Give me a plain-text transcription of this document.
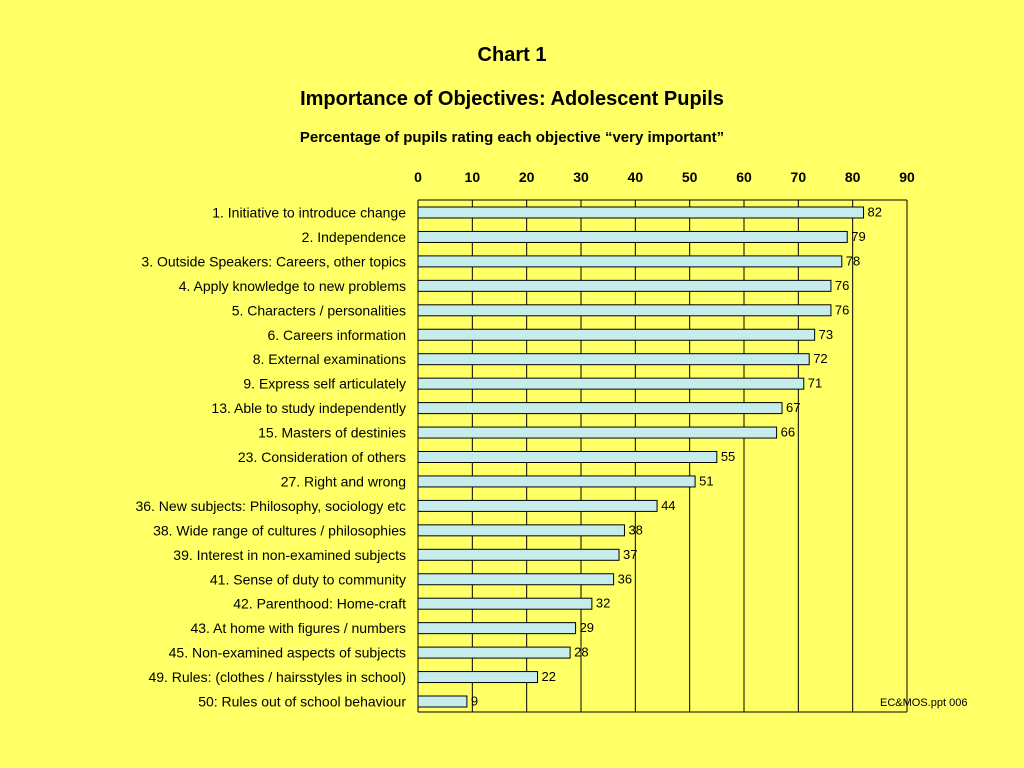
Chart 1
Importance of Objectives: Adolescent Pupils
Percentage of pupils rating each objective “very important”
0	10	20	30	40	50	60	70	80	90
1. Initiative to introduce change	82
2. Independence	79
3. Outside Speakers: Careers, other topics	78
4. Apply knowledge to new problems	76
5. Characters / personalities	76
6. Careers information	73
8. External examinations	72
9. Express self articulately	71
13. Able to study independently	67
15. Masters of destinies	66
23. Consideration of others	55
27. Right and wrong	51
36. New subjects: Philosophy, sociology etc	44
38. Wide range of cultures / philosophies	38
39. Interest in non-examined subjects	37
41. Sense of duty to community	36
42. Parenthood: Home-craft	32
43. At home with figures / numbers	29
45. Non-examined aspects of subjects	28
49. Rules: (clothes / hairsstyles in school)	22
50: Rules out of school behaviour	9	EC&MOS.ppt 006
